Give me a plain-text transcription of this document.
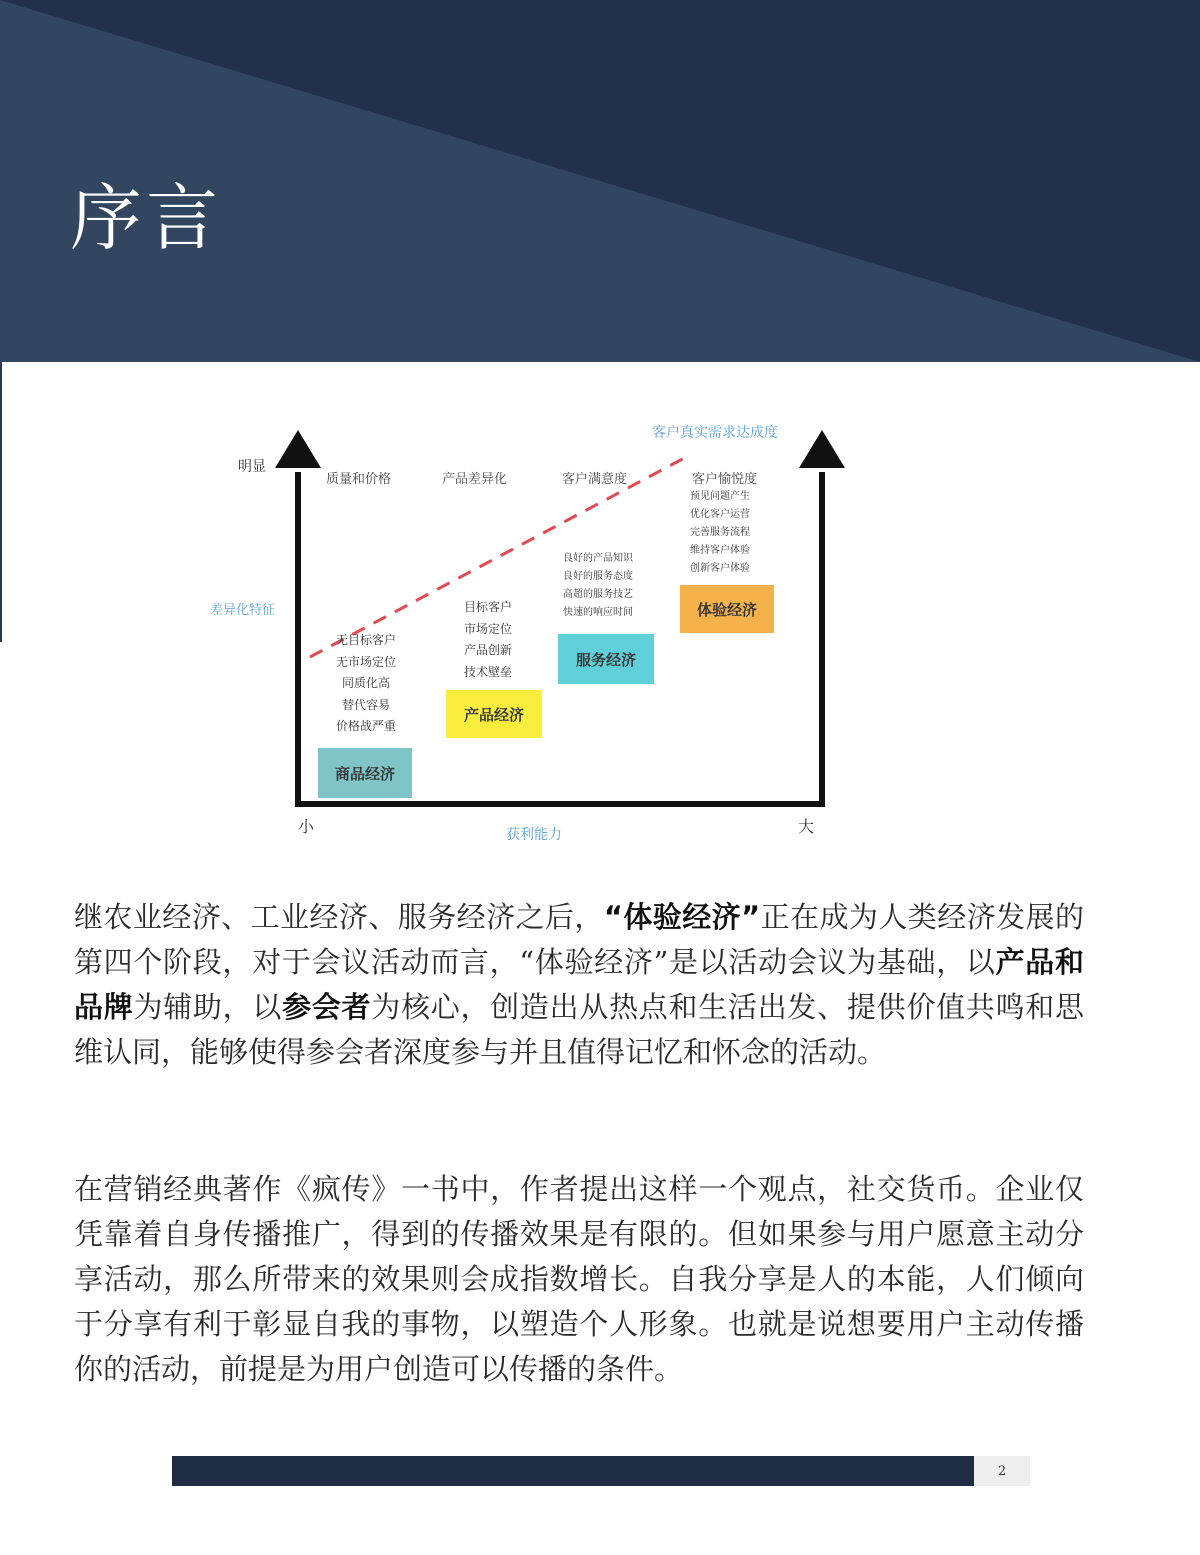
序言
明显
差异化特征
客户真实需求达成度
小	大
获利能力
质量和价格
无目标客户
无市场定位
同质化高
替代容易
价格战严重
商品经济
产品差异化
目标客户
市场定位
产品创新
技术壁垒
产品经济
客户满意度
良好的产品知识
良好的服务态度
高超的服务技艺
快速的响应时间
服务经济
客户愉悦度
预见问题产生
优化客户运营
完善服务流程
维持客户体验
创新客户体验
体验经济

继农业经济、工业经济、服务经济之后，“体验经济”正在成为人类经济发展的第四个阶段，对于会议活动而言，“体验经济”是以活动会议为基础，以产品和品牌为辅助，以参会者为核心，创造出从热点和生活出发、提供价值共鸣和思维认同，能够使得参会者深度参与并且值得记忆和怀念的活动。

在营销经典著作《疯传》一书中，作者提出这样一个观点，社交货币。企业仅凭靠着自身传播推广，得到的传播效果是有限的。但如果参与用户愿意主动分享活动，那么所带来的效果则会成指数增长。自我分享是人的本能，人们倾向于分享有利于彰显自我的事物，以塑造个人形象。也就是说想要用户主动传播你的活动，前提是为用户创造可以传播的条件。

2
